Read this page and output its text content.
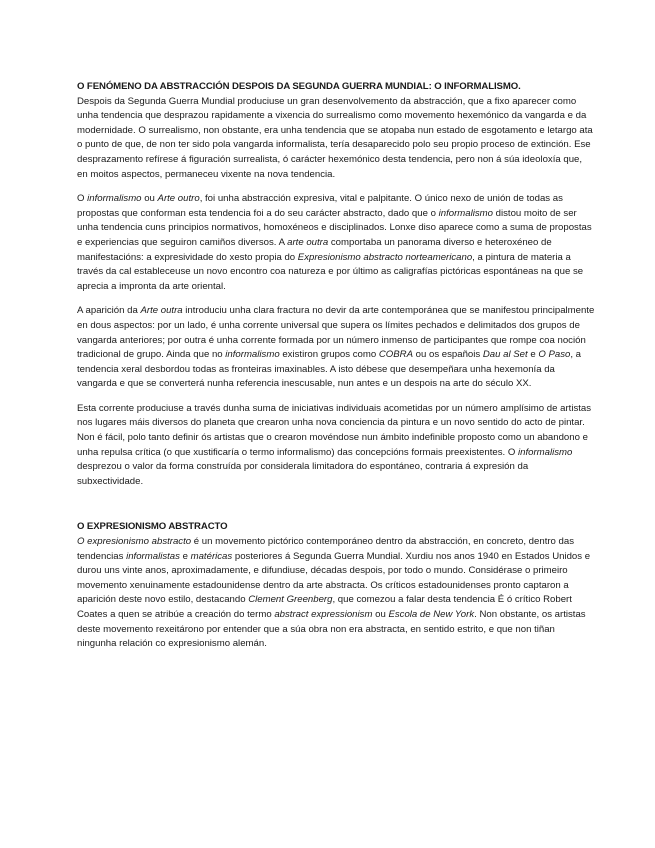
O FENÓMENO DA ABSTRACCIÓN DESPOIS DA SEGUNDA GUERRA MUNDIAL: O INFORMALISMO.

Despois da Segunda Guerra Mundial produciuse un gran desenvolvemento da abstracción, que a fixo aparecer como unha tendencia que desprazou rapidamente a vixencia do surrealismo como movemento hexemónico da vangarda e da modernidade. O surrealismo, non obstante, era unha tendencia que se atopaba nun estado de esgotamento e letargo ata o punto de que, de non ter sido pola vangarda informalista, tería desaparecido polo seu propio proceso de extinción. Ese desprazamento refírese á figuración surrealista, ó carácter hexemónico desta tendencia, pero non á súa ideoloxía que, en moitos aspectos, permaneceu vixente na nova tendencia.

O informalismo ou Arte outro, foi unha abstracción expresiva, vital e palpitante. O único nexo de unión de todas as propostas que conforman esta tendencia foi a do seu carácter abstracto, dado que o informalismo distou moito de ser unha tendencia cuns principios normativos, homoxéneos e disciplinados. Lonxe diso aparece como a suma de propostas e experiencias que seguiron camiños diversos. A arte outra comportaba un panorama diverso e heteroxéneo de manifestacións: a expresividade do xesto propia do Expresionismo abstracto norteamericano, a pintura de materia a través da cal estableceuse un novo encontro coa natureza e por último as caligrafías pictóricas espontáneas na que se aprecia a impronta da arte oriental.

A aparición da Arte outra introduciu unha clara fractura no devir da arte contemporánea que se manifestou principalmente en dous aspectos: por un lado, é unha corrente universal que supera os límites pechados e delimitados dos grupos de vangarda anteriores; por outra é unha corrente formada por un número inmenso de participantes que rompe coa noción tradicional de grupo. Ainda que no informalismo existiron grupos como COBRA ou os españois Dau al Set e O Paso, a tendencia xeral desbordou todas as fronteiras imaxinables. A isto débese que desempeñara unha hexemonía da vangarda e que se converterá nunha referencia inescusable, nun antes e un despois na arte do século XX.

Esta corrente produciuse a través dunha suma de iniciativas individuais acometidas por un número amplísimo de artistas nos lugares máis diversos do planeta que crearon unha nova conciencia da pintura e un novo sentido do acto de pintar. Non é fácil, polo tanto definir ós artistas que o crearon movéndose nun ámbito indefinible proposto como un abandono e unha repulsa crítica (o que xustificaría o termo informalismo) das concepcións formais preexistentes. O informalismo desprezou o valor da forma construída por considerala limitadora do espontáneo, contraria á expresión da subxectividade.

O EXPRESIONISMO ABSTRACTO

O expresionismo abstracto é un movemento pictórico contemporáneo dentro da abstracción, en concreto, dentro das tendencias informalistas e matéricas posteriores á Segunda Guerra Mundial. Xurdiu nos anos 1940 en Estados Unidos e durou uns vinte anos, aproximadamente, e difundiuse, décadas despois, por todo o mundo. Considérase o primeiro movemento xenuinamente estadounidense dentro da arte abstracta. Os críticos estadounidenses pronto captaron a aparición deste novo estilo, destacando Clement Greenberg, que comezou a falar desta tendencia É ó crítico Robert Coates a quen se atribúe a creación do termo abstract expressionism ou Escola de New York. Non obstante, os artistas deste movemento rexeitárono por entender que a súa obra non era abstracta, en sentido estrito, e que non tiñan ningunha relación co expresionismo alemán.
